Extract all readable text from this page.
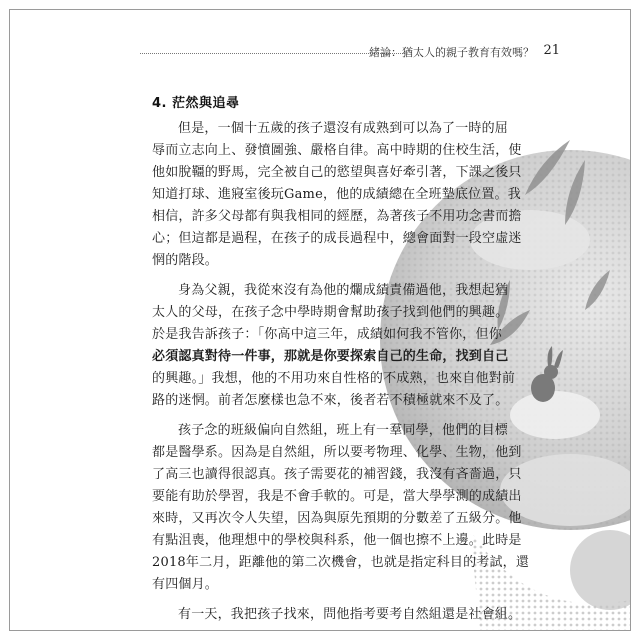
緒論：猶太人的親子教育有效嗎？ 21
4. 茫然與追尋
但是，一個十五歲的孩子還沒有成熟到可以為了一時的屈
辱而立志向上、發憤圖強、嚴格自律。高中時期的住校生活，使
他如脫韁的野馬，完全被自己的慾望與喜好牽引著，下課之後只
知道打球、進寢室後玩Game，他的成績總在全班墊底位置。我
相信，許多父母都有與我相同的經歷，為著孩子不用功念書而擔
心；但這都是過程，在孩子的成長過程中，總會面對一段空虛迷
惘的階段。
身為父親，我從來沒有為他的爛成績責備過他，我想起猶
太人的父母，在孩子念中學時期會幫助孩子找到他們的興趣。
於是我告訴孩子：「你高中這三年，成績如何我不管你，但你
必須認真對待一件事，那就是你要探索自己的生命，找到自己
的興趣。」我想，他的不用功來自性格的不成熟，也來自他對前
路的迷惘。前者怎麼樣也急不來，後者若不積極就來不及了。
孩子念的班級偏向自然組，班上有一羣同學，他們的目標
都是醫學系。因為是自然組，所以要考物理、化學、生物，他到
了高三也讀得很認真。孩子需要花的補習錢，我沒有吝嗇過，只
要能有助於學習，我是不會手軟的。可是，當大學學測的成績出
來時，又再次令人失望，因為與原先預期的分數差了五級分。他
有點沮喪，他理想中的學校與科系，他一個也擦不上邊。此時是
2018年二月，距離他的第二次機會，也就是指定科目的考試，還
有四個月。
有一天，我把孩子找來，問他指考要考自然組還是社會組。
